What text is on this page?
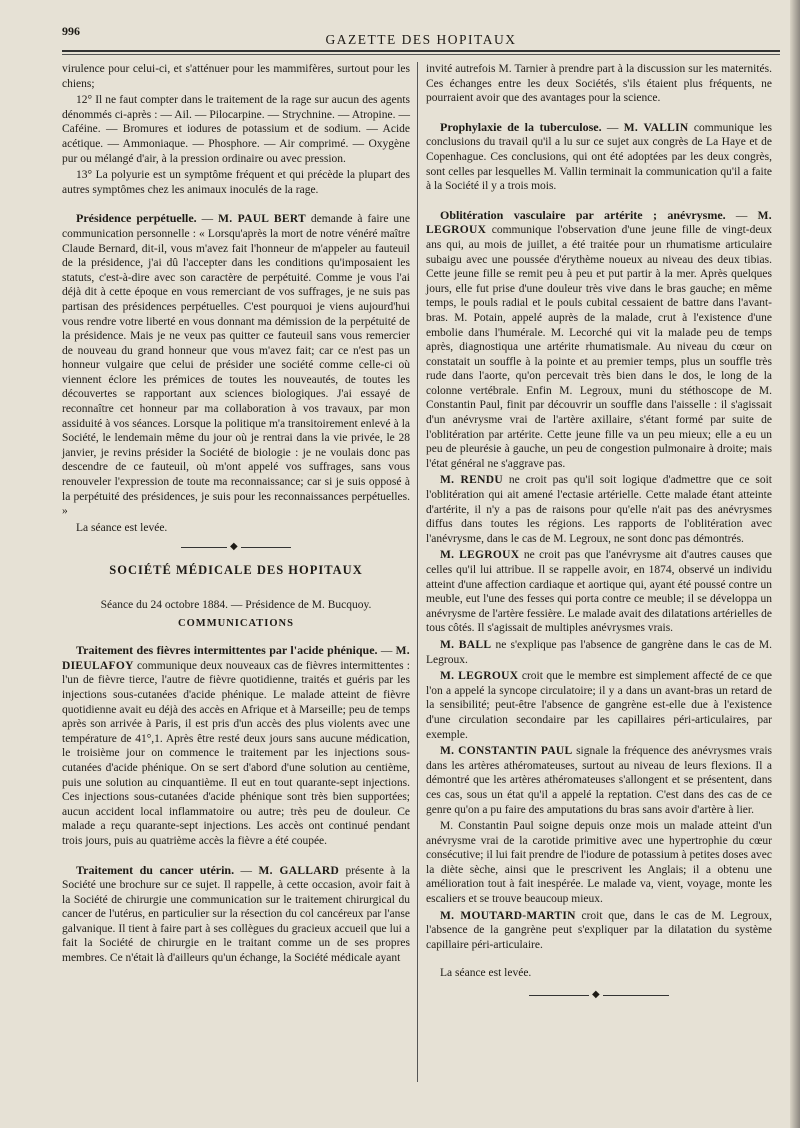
996
GAZETTE DES HOPITAUX

virulence pour celui-ci, et s'atténuer pour les mammifères, surtout pour les chiens;

12° Il ne faut compter dans le traitement de la rage sur aucun des agents dénommés ci-après : — Ail. — Pilocarpine. — Strychnine. — Atropine. — Caféine. — Bromures et iodures de potassium et de sodium. — Acide acétique. — Ammoniaque. — Phosphore. — Air comprimé. — Oxygène pur ou mélangé d'air, à la pression ordinaire ou avec pression.

13° La polyurie est un symptôme fréquent et qui précède la plupart des autres symptômes chez les animaux inoculés de la rage.

Présidence perpétuelle. — M. PAUL BERT demande à faire une communication personnelle : « Lorsqu'après la mort de notre vénéré maître Claude Bernard, dit-il, vous m'avez fait l'honneur de m'appeler au fauteuil de la présidence, j'ai dû l'accepter dans les conditions qu'imposaient les statuts, c'est-à-dire avec son caractère de perpétuité. Comme je vous l'ai déjà dit à cette époque en vous remerciant de vos suffrages, je ne suis pas partisan des présidences perpétuelles. C'est pourquoi je viens aujourd'hui vous rendre votre liberté en vous donnant ma démission de la perpétuité de la présidence. Mais je ne veux pas quitter ce fauteuil sans vous remercier de nouveau du grand honneur que vous m'avez fait; car ce n'est pas un honneur vulgaire que celui de présider une société comme celle-ci où viennent éclore les prémices de toutes les nouveautés, de toutes les découvertes se rapportant aux sciences biologiques. J'ai essayé de reconnaître cet honneur par ma collaboration à vos travaux, par mon assiduité à vos séances. Lorsque la politique m'a transitoirement enlevé à la Société, le lendemain même du jour où je rentrai dans la vie privée, le 28 janvier, je revins présider la Société de biologie : je ne voulais donc pas descendre de ce fauteuil, où m'ont appelé vos suffrages, sans vous renouveler l'expression de toute ma reconnaissance; car si je suis opposé à la perpétuité des présidences, je suis pour les reconnaissances perpétuelles. »

La séance est levée.

◆
SOCIÉTÉ MÉDICALE DES HOPITAUX

Séance du 24 octobre 1884. — Présidence de M. Bucquoy.

COMMUNICATIONS

Traitement des fièvres intermittentes par l'acide phénique. — M. DIEULAFOY communique deux nouveaux cas de fièvres intermittentes : l'un de fièvre tierce, l'autre de fièvre quotidienne, traités et guéris par les injections sous-cutanées d'acide phénique. Le malade atteint de fièvre quotidienne avait eu déjà des accès en Afrique et à Marseille; peu de temps après son arrivée à Paris, il est pris d'un accès des plus violents avec une température de 41°,1. Après être resté deux jours sans aucune médication, le troisième jour on commence le traitement par les injections sous-cutanées d'acide phénique. On se sert d'abord d'une solution au centième, puis une solution au cinquantième. Il eut en tout quarante-sept injections. Ces injections sous-cutanées d'acide phénique sont très bien supportées; aucun accident local inflammatoire ou autre; très peu de douleur. Ce malade a reçu quarante-sept injections. Les accès ont continué pendant trois jours, puis au quatrième accès la fièvre a été coupée.

Traitement du cancer utérin. — M. GALLARD présente à la Société une brochure sur ce sujet. Il rappelle, à cette occasion, avoir fait à la Société de chirurgie une communication sur le traitement chirurgical du cancer de l'utérus, en particulier sur la résection du col cancéreux par l'anse galvanique. Il tient à faire part à ses collègues du gracieux accueil que lui a fait la Société de chirurgie en le traitant comme un de ses propres membres. Ce n'était là d'ailleurs qu'un échange, la Société médicale ayant

invité autrefois M. Tarnier à prendre part à la discussion sur les maternités. Ces échanges entre les deux Sociétés, s'ils étaient plus fréquents, ne pourraient avoir que des avantages pour la science.

Prophylaxie de la tuberculose. — M. VALLIN communique les conclusions du travail qu'il a lu sur ce sujet aux congrès de La Haye et de Copenhague. Ces conclusions, qui ont été adoptées par les deux congrès, sont celles par lesquelles M. Vallin terminait la communication qu'il a faite à la Société il y a trois mois.

Oblitération vasculaire par artérite ; anévrysme. — M. LEGROUX communique l'observation d'une jeune fille de vingt-deux ans qui, au mois de juillet, a été traitée pour un rhumatisme articulaire subaigu avec une poussée d'érythème noueux au niveau des deux tibias. Cette jeune fille se remit peu à peu et put partir à la mer. Après quelques jours, elle fut prise d'une douleur très vive dans le bras gauche; en même temps, le pouls radial et le pouls cubital cessaient de battre dans l'avant-bras. M. Potain, appelé auprès de la malade, crut à l'existence d'une embolie dans l'humérale. M. Lecorché qui vit la malade peu de temps après, diagnostiqua une artérite rhumatismale. Au niveau du cœur on constatait un souffle à la pointe et au premier temps, plus un souffle très rude dans l'aorte, qu'on percevait très bien dans le dos, le long de la colonne vertébrale. Enfin M. Legroux, muni du stéthoscope de M. Constantin Paul, finit par découvrir un souffle dans l'aisselle : il s'agissait d'un anévrysme vrai de l'artère axillaire, s'étant formé par suite de l'oblitération par artérite. Cette jeune fille va un peu mieux; elle a eu un peu de pleurésie à gauche, un peu de congestion pulmonaire à droite; mais l'état général ne s'aggrave pas.

M. RENDU ne croit pas qu'il soit logique d'admettre que ce soit l'oblitération qui ait amené l'ectasie artérielle. Cette malade étant atteinte d'artérite, il n'y a pas de raisons pour qu'elle n'ait pas des anévrysmes diffus dans toutes les régions. Les rapports de l'oblitération avec l'anévrysme, dans le cas de M. Legroux, ne sont donc pas démontrés.

M. LEGROUX ne croit pas que l'anévrysme ait d'autres causes que celles qu'il lui attribue. Il se rappelle avoir, en 1874, observé un individu atteint d'une affection cardiaque et aortique qui, ayant été poussé contre un meuble, eut l'une des fesses qui porta contre ce meuble; il se développa un anévrysme de l'artère fessière. Le malade avait des dilatations artérielles de tous côtés. Il s'agissait de multiples anévrysmes vrais.

M. BALL ne s'explique pas l'absence de gangrène dans le cas de M. Legroux.

M. LEGROUX croit que le membre est simplement affecté de ce que l'on a appelé la syncope circulatoire; il y a dans un avant-bras un retard de la sensibilité; peut-être l'absence de gangrène est-elle due à l'existence d'une circulation secondaire par les capillaires péri-articulaires, par exemple.

M. CONSTANTIN PAUL signale la fréquence des anévrysmes vrais dans les artères athéromateuses, surtout au niveau de leurs flexions. Il a démontré que les artères athéromateuses s'allongent et se présentent, dans ces cas, sous un état qu'il a appelé la reptation. C'est dans des cas de ce genre qu'on a pu faire des amputations du bras sans avoir d'artère à lier.

M. Constantin Paul soigne depuis onze mois un malade atteint d'un anévrysme vrai de la carotide primitive avec une hypertrophie du cœur consécutive; il lui fait prendre de l'iodure de potassium à petites doses avec la diète sèche, ainsi que le prescrivent les Anglais; il a obtenu une amélioration tout à fait inespérée. Le malade va, vient, voyage, monte les escaliers et se trouve beaucoup mieux.

M. MOUTARD-MARTIN croit que, dans le cas de M. Legroux, l'absence de la gangrène peut s'expliquer par la dilatation du système capillaire péri-articulaire.

La séance est levée.

◆
